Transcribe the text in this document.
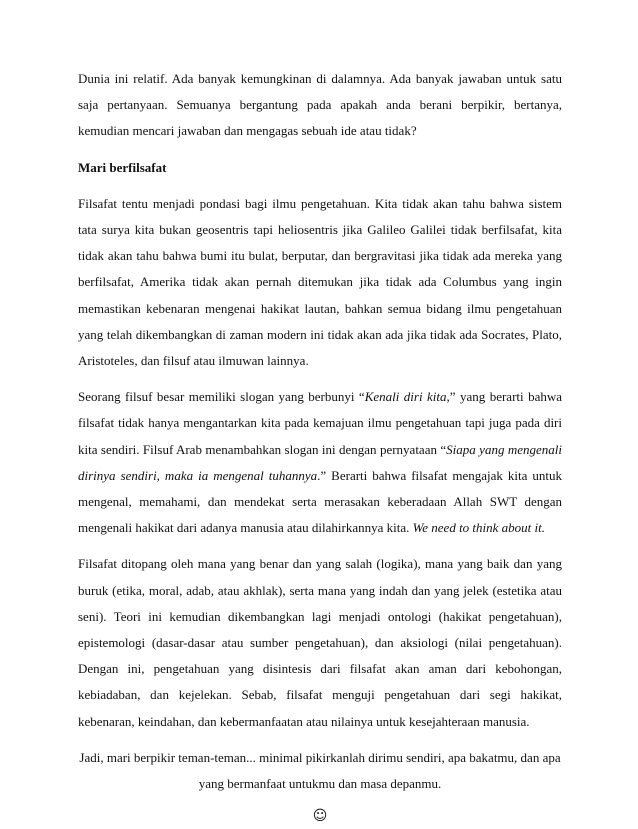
Dunia ini relatif. Ada banyak kemungkinan di dalamnya. Ada banyak jawaban untuk satu saja pertanyaan. Semuanya bergantung pada apakah anda berani berpikir, bertanya, kemudian mencari jawaban dan mengagas sebuah ide atau tidak?

Mari berfilsafat

Filsafat tentu menjadi pondasi bagi ilmu pengetahuan. Kita tidak akan tahu bahwa sistem tata surya kita bukan geosentris tapi heliosentris jika Galileo Galilei tidak berfilsafat, kita tidak akan tahu bahwa bumi itu bulat, berputar, dan bergravitasi jika tidak ada mereka yang berfilsafat, Amerika tidak akan pernah ditemukan jika tidak ada Columbus yang ingin memastikan kebenaran mengenai hakikat lautan, bahkan semua bidang ilmu pengetahuan yang telah dikembangkan di zaman modern ini tidak akan ada jika tidak ada Socrates, Plato, Aristoteles, dan filsuf atau ilmuwan lainnya.

Seorang filsuf besar memiliki slogan yang berbunyi “Kenali diri kita,” yang berarti bahwa filsafat tidak hanya mengantarkan kita pada kemajuan ilmu pengetahuan tapi juga pada diri kita sendiri. Filsuf Arab menambahkan slogan ini dengan pernyataan “Siapa yang mengenali dirinya sendiri, maka ia mengenal tuhannya.” Berarti bahwa filsafat mengajak kita untuk mengenal, memahami, dan mendekat serta merasakan keberadaan Allah SWT dengan mengenali hakikat dari adanya manusia atau dilahirkannya kita. We need to think about it.

Filsafat ditopang oleh mana yang benar dan yang salah (logika), mana yang baik dan yang buruk (etika, moral, adab, atau akhlak), serta mana yang indah dan yang jelek (estetika atau seni). Teori ini kemudian dikembangkan lagi menjadi ontologi (hakikat pengetahuan), epistemologi (dasar-dasar atau sumber pengetahuan), dan aksiologi (nilai pengetahuan). Dengan ini, pengetahuan yang disintesis dari filsafat akan aman dari kebohongan, kebiadaban, dan kejelekan. Sebab, filsafat menguji pengetahuan dari segi hakikat, kebenaran, keindahan, dan kebermanfaatan atau nilainya untuk kesejahteraan manusia.

Jadi, mari berpikir teman-teman... minimal pikirkanlah dirimu sendiri, apa bakatmu, dan apa yang bermanfaat untukmu dan masa depanmu.

☺
